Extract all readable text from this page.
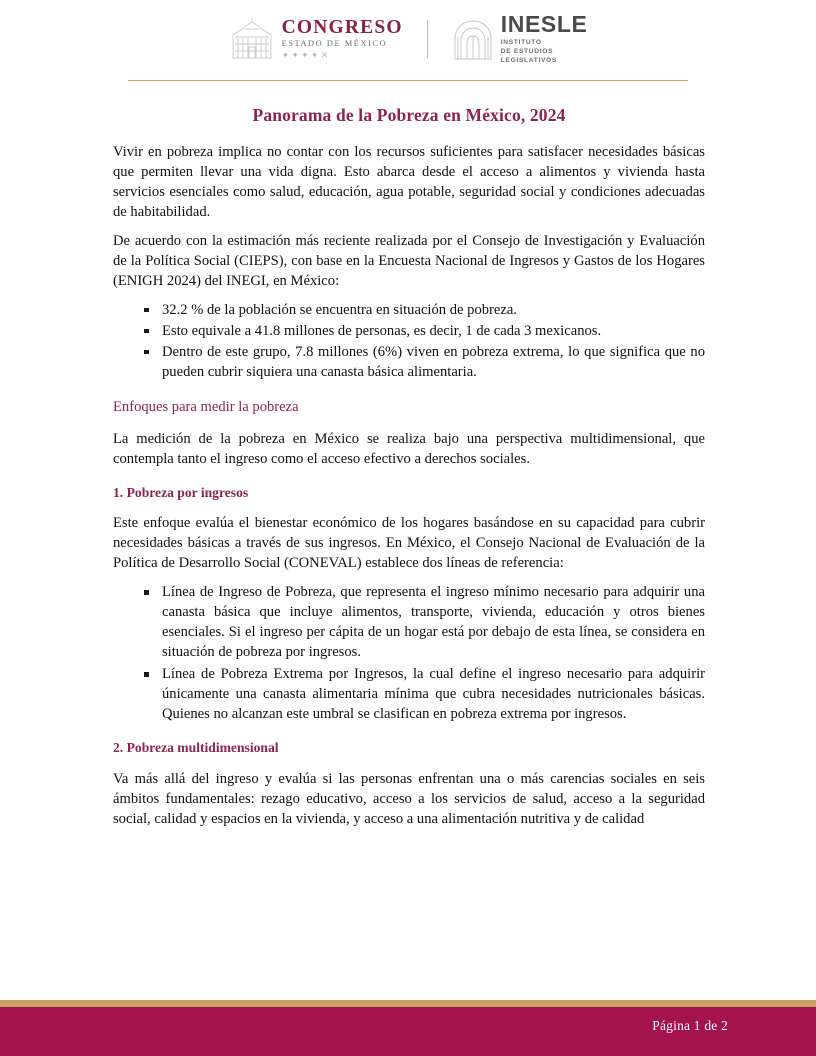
CONGRESO
ESTADO DE MÉXICO
✦ ✦ ✦ ✦ ✕
INESLE
INSTITUTO
DE ESTUDIOS
LEGISLATIVOS
Panorama de la Pobreza en México, 2024

Vivir en pobreza implica no contar con los recursos suficientes para satisfacer necesidades básicas que permiten llevar una vida digna. Esto abarca desde el acceso a alimentos y vivienda hasta servicios esenciales como salud, educación, agua potable, seguridad social y condiciones adecuadas de habitabilidad.

De acuerdo con la estimación más reciente realizada por el Consejo de Investigación y Evaluación de la Política Social (CIEPS), con base en la Encuesta Nacional de Ingresos y Gastos de los Hogares (ENIGH 2024) del INEGI, en México:

32.2 % de la población se encuentra en situación de pobreza.
Esto equivale a 41.8 millones de personas, es decir, 1 de cada 3 mexicanos.
Dentro de este grupo, 7.8 millones (6%) viven en pobreza extrema, lo que significa que no pueden cubrir siquiera una canasta básica alimentaria.
Enfoques para medir la pobreza

La medición de la pobreza en México se realiza bajo una perspectiva multidimensional, que contempla tanto el ingreso como el acceso efectivo a derechos sociales.

1. Pobreza por ingresos

Este enfoque evalúa el bienestar económico de los hogares basándose en su capacidad para cubrir necesidades básicas a través de sus ingresos. En México, el Consejo Nacional de Evaluación de la Política de Desarrollo Social (CONEVAL) establece dos líneas de referencia:

Línea de Ingreso de Pobreza, que representa el ingreso mínimo necesario para adquirir una canasta básica que incluye alimentos, transporte, vivienda, educación y otros bienes esenciales. Si el ingreso per cápita de un hogar está por debajo de esta línea, se considera en situación de pobreza por ingresos.
Línea de Pobreza Extrema por Ingresos, la cual define el ingreso necesario para adquirir únicamente una canasta alimentaria mínima que cubra necesidades nutricionales básicas. Quienes no alcanzan este umbral se clasifican en pobreza extrema por ingresos.
2. Pobreza multidimensional

Va más allá del ingreso y evalúa si las personas enfrentan una o más carencias sociales en seis ámbitos fundamentales: rezago educativo, acceso a los servicios de salud, acceso a la seguridad social, calidad y espacios en la vivienda, y acceso a una alimentación nutritiva y de calidad

Página 1 de 2
